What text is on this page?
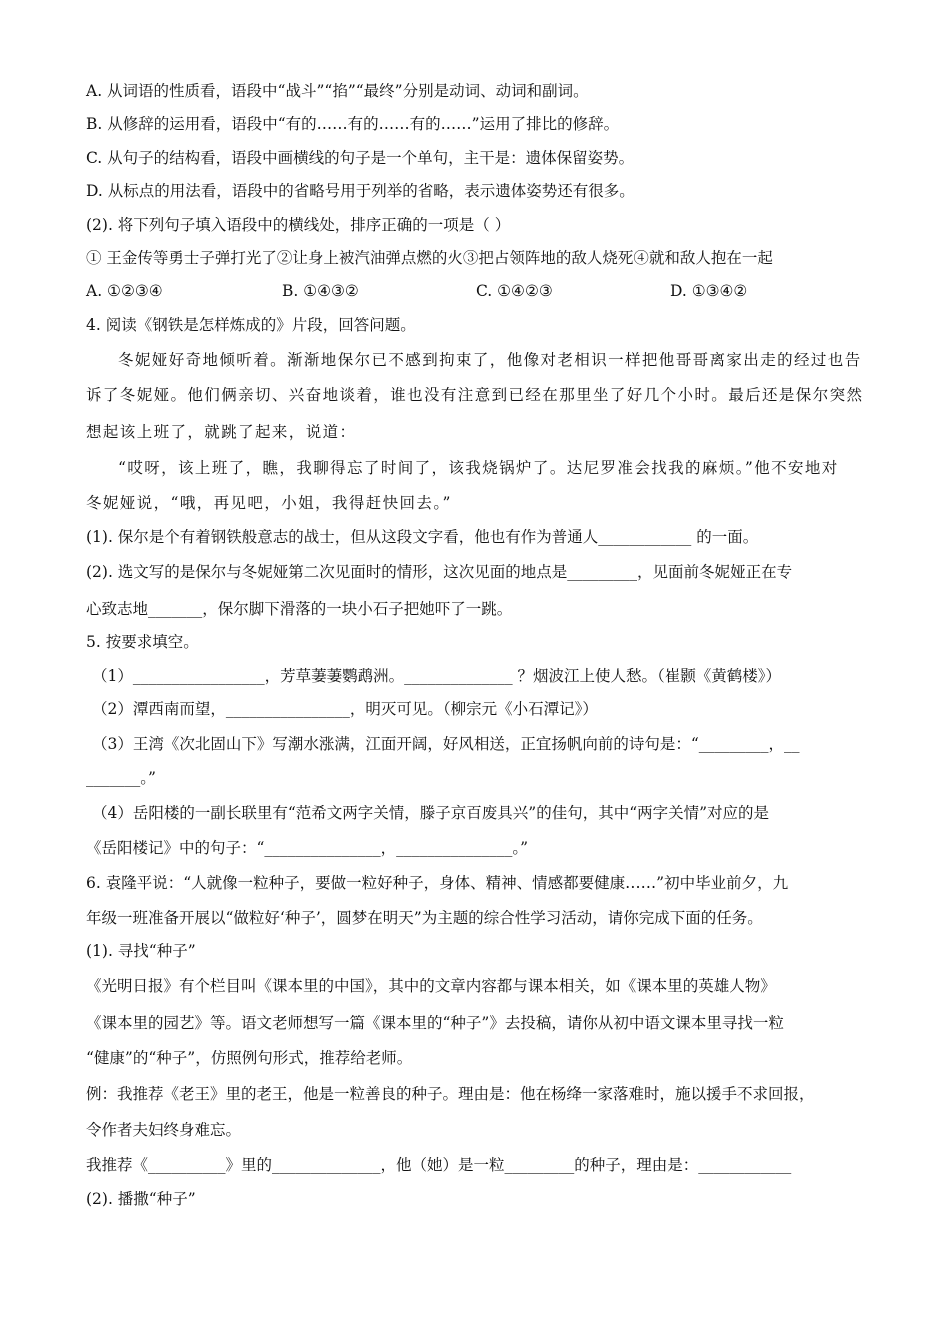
A. 从词语的性质看，语段中“战斗”“掐”“最终”分别是动词、动词和副词。
B. 从修辞的运用看，语段中“有的……有的……有的……”运用了排比的修辞。
C. 从句子的结构看，语段中画横线的句子是一个单句，主干是：遗体保留姿势。
D. 从标点的用法看，语段中的省略号用于列举的省略，表示遗体姿势还有很多。
(2). 将下列句子填入语段中的横线处，排序正确的一项是（ ）
① 王金传等勇士子弹打光了②让身上被汽油弹点燃的火③把占领阵地的敌人烧死④就和敌人抱在一起
A. ①②③④	B. ①④③②	C. ①④②③	D. ①③④②
4. 阅读《钢铁是怎样炼成的》片段，回答问题。
冬妮娅好奇地倾听着。渐渐地保尔已不感到拘束了，他像对老相识一样把他哥哥离家出走的经过也告
诉了冬妮娅。他们俩亲切、兴奋地谈着，谁也没有注意到已经在那里坐了好几个小时。最后还是保尔突然
想起该上班了，就跳了起来，说道：
“哎呀，该上班了，瞧，我聊得忘了时间了，该我烧锅炉了。达尼罗准会找我的麻烦。”他不安地对
冬妮娅说，“哦，再见吧，小姐，我得赶快回去。”
(1). 保尔是个有着钢铁般意志的战士，但从这段文字看，他也有作为普通人____________ 的一面。
(2). 选文写的是保尔与冬妮娅第二次见面时的情形，这次见面的地点是_________，见面前冬妮娅正在专
心致志地_______，保尔脚下滑落的一块小石子把她吓了一跳。
5. 按要求填空。
（1）_________________，芳草萋萋鹦鹉洲。______________ ？烟波江上使人愁。（崔颢《黄鹤楼》）
（2）潭西南而望，________________，明灭可见。（柳宗元《小石潭记》）
（3）王湾《次北固山下》写潮水涨满，江面开阔，好风相送，正宜扬帆向前的诗句是：“_________，__
_______。”
（4）岳阳楼的一副长联里有“范希文两字关情，滕子京百废具兴”的佳句，其中“两字关情”对应的是
《岳阳楼记》中的句子：“_______________，_______________。”
6. 袁隆平说：“人就像一粒种子，要做一粒好种子，身体、精神、情感都要健康……”初中毕业前夕，九
年级一班准备开展以“做粒好‘种子’，圆梦在明天”为主题的综合性学习活动，请你完成下面的任务。
(1). 寻找“种子”
《光明日报》有个栏目叫《课本里的中国》，其中的文章内容都与课本相关，如《课本里的英雄人物》
《课本里的园艺》等。语文老师想写一篇《课本里的“种子”》去投稿，请你从初中语文课本里寻找一粒
“健康”的“种子”，仿照例句形式，推荐给老师。
例：我推荐《老王》里的老王，他是一粒善良的种子。理由是：他在杨绛一家落难时，施以援手不求回报，
令作者夫妇终身难忘。
我推荐《__________》里的______________，他（她）是一粒_________的种子，理由是：____________
(2). 播撒“种子”
